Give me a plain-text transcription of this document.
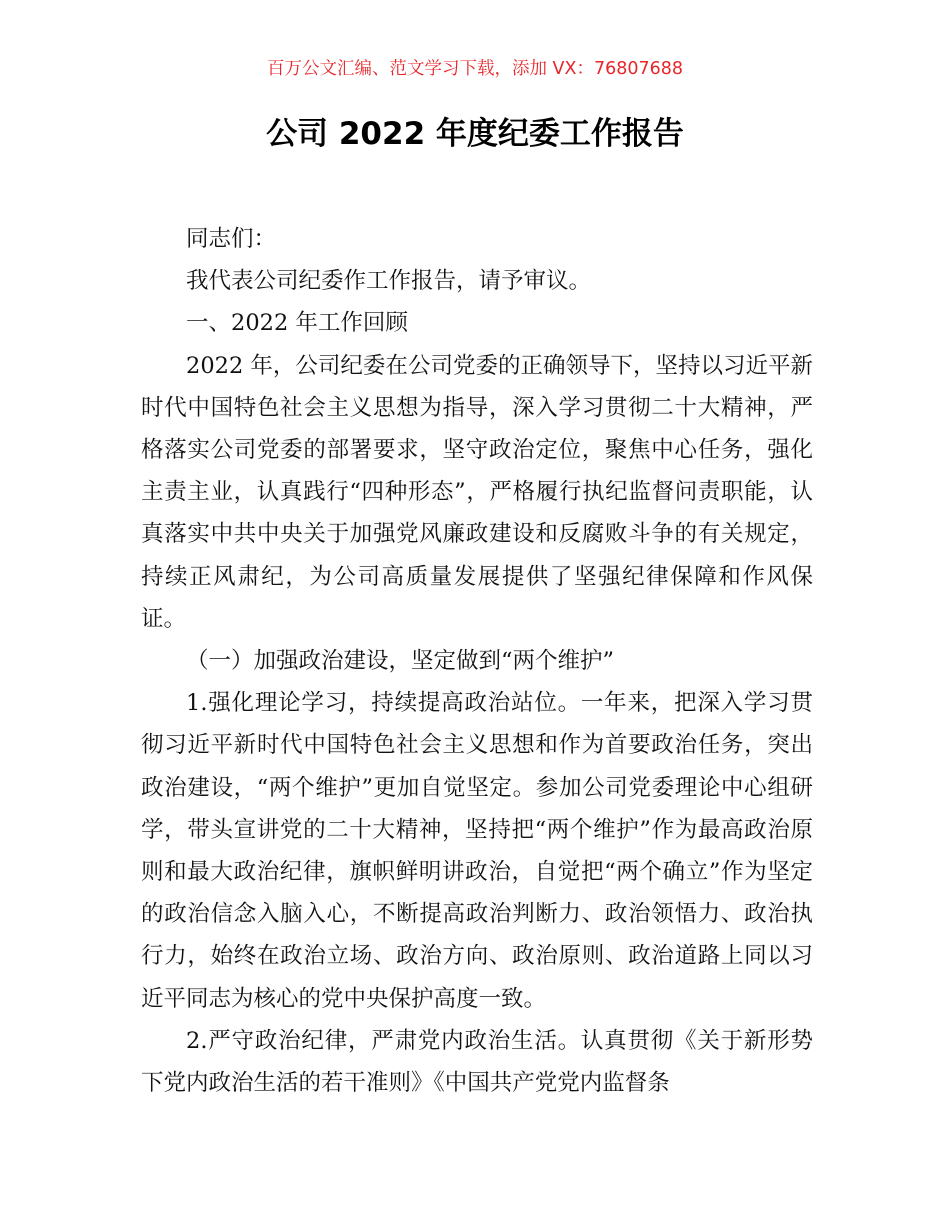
百万公文汇编、范文学习下载，添加 VX：76807688
公司 2022 年度纪委工作报告

同志们：

我代表公司纪委作工作报告，请予审议。

一、2022 年工作回顾

2022 年，公司纪委在公司党委的正确领导下，坚持以习近平新时代中国特色社会主义思想为指导，深入学习贯彻二十大精神，严格落实公司党委的部署要求，坚守政治定位，聚焦中心任务，强化主责主业，认真践行“四种形态”，严格履行执纪监督问责职能，认真落实中共中央关于加强党风廉政建设和反腐败斗争的有关规定，持续正风肃纪，为公司高质量发展提供了坚强纪律保障和作风保证。

（一）加强政治建设，坚定做到“两个维护”

1.强化理论学习，持续提高政治站位。一年来，把深入学习贯彻习近平新时代中国特色社会主义思想和作为首要政治任务，突出政治建设，“两个维护”更加自觉坚定。参加公司党委理论中心组研学，带头宣讲党的二十大精神，坚持把“两个维护”作为最高政治原则和最大政治纪律，旗帜鲜明讲政治，自觉把“两个确立”作为坚定的政治信念入脑入心，不断提高政治判断力、政治领悟力、政治执行力，始终在政治立场、政治方向、政治原则、政治道路上同以习近平同志为核心的党中央保护高度一致。

2.严守政治纪律，严肃党内政治生活。认真贯彻《关于新形势下党内政治生活的若干准则》《中国共产党党内监督条
